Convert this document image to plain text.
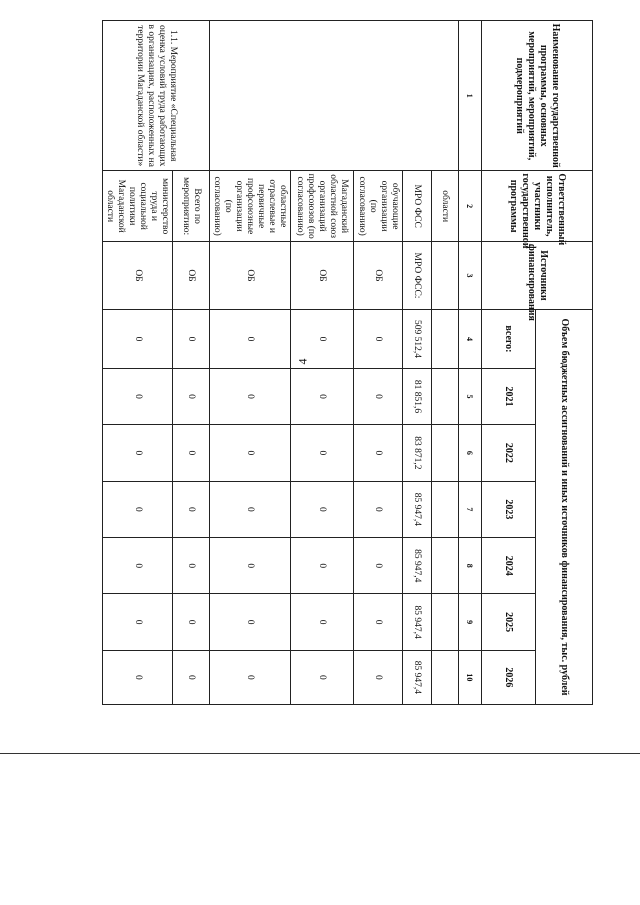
4
Наименование государственной программы, основных мероприятий, мероприятий, подмероприятий	Ответственный исполнитель, участники государственной программы	Источники финансирования	Объем бюджетных ассигнований и иных источников финансирования, тыс. рублей						
			всего:	2021	2022	2023	2024	2025	2026
1	2	3	4	5	6	7	8	9	10
	области								
	МРО ФСС	МРО ФСС:	509 512,4	81 851,6	83 871,2	85 947,4	85 947,4	85 947,4	85 947,4
	обучающие организации (по согласованию)	ОБ	0	0	0	0	0	0	0
	Магаданский областной союз организаций профсоюзов (по согласованию)	ОБ	0	0	0	0	0	0	0
	областные отраслевые и первичные профсоюзные организации (по согласованию)	ОБ	0	0	0	0	0	0	0
1.1. Мероприятие «Специальная оценка условий труда работающих в организациях, расположенных на территории Магаданской области»	Всего по мероприятию:	ОБ	0	0	0	0	0	0	0
	министерство труда и социальной политики Магаданской области	ОБ	0	0	0	0	0	0	0
